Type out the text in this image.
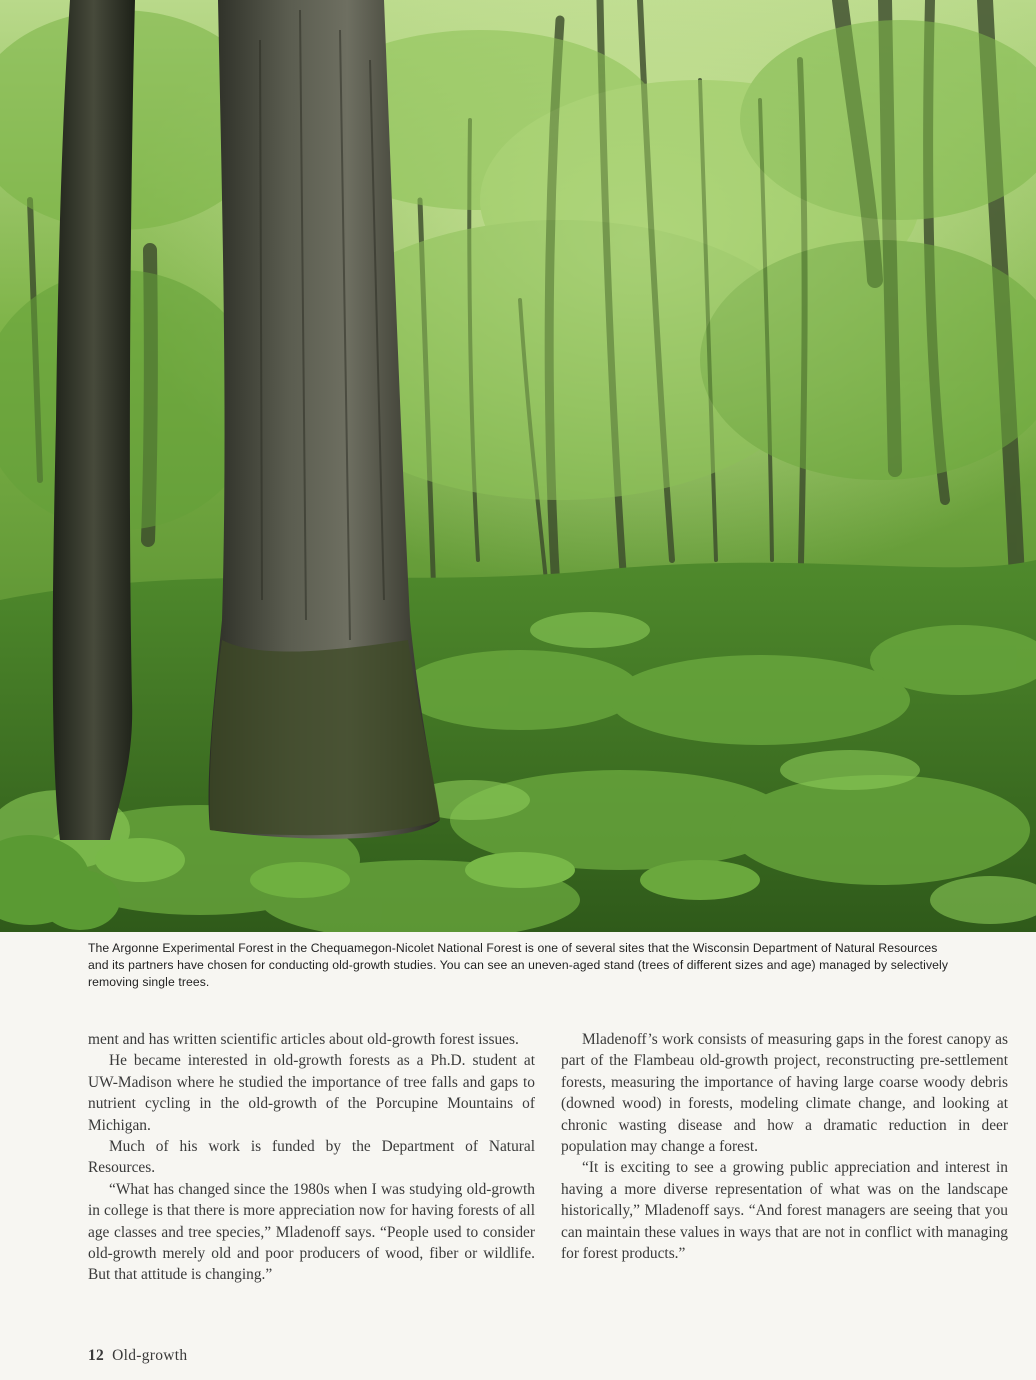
The Argonne Experimental Forest in the Chequamegon-Nicolet National Forest is one of several sites that the Wisconsin Department of Natural Resources and its partners have chosen for conducting old-growth studies. You can see an uneven-aged stand (trees of different sizes and age) managed by selectively removing single trees.

ment and has written scientific articles about old-growth forest issues.

He became interested in old-growth forests as a Ph.D. student at UW-Madison where he studied the importance of tree falls and gaps to nutrient cycling in the old-growth of the Porcupine Mountains of Michigan.

Much of his work is funded by the Department of Natural Resources.

“What has changed since the 1980s when I was studying old-growth in college is that there is more appreciation now for having forests of all age classes and tree species,” Mladenoff says. “People used to consider old-growth merely old and poor producers of wood, fiber or wildlife. But that attitude is changing.”

Mladenoff’s work consists of measuring gaps in the forest canopy as part of the Flambeau old-growth project, reconstructing pre-settlement forests, measuring the importance of having large coarse woody debris (downed wood) in forests, modeling climate change, and looking at chronic wasting disease and how a dramatic reduction in deer population may change a forest.

“It is exciting to see a growing public appreciation and interest in having a more diverse representation of what was on the landscape historically,” Mladenoff says. “And forest managers are seeing that you can maintain these values in ways that are not in conflict with managing for forest products.”

12 Old-growth
